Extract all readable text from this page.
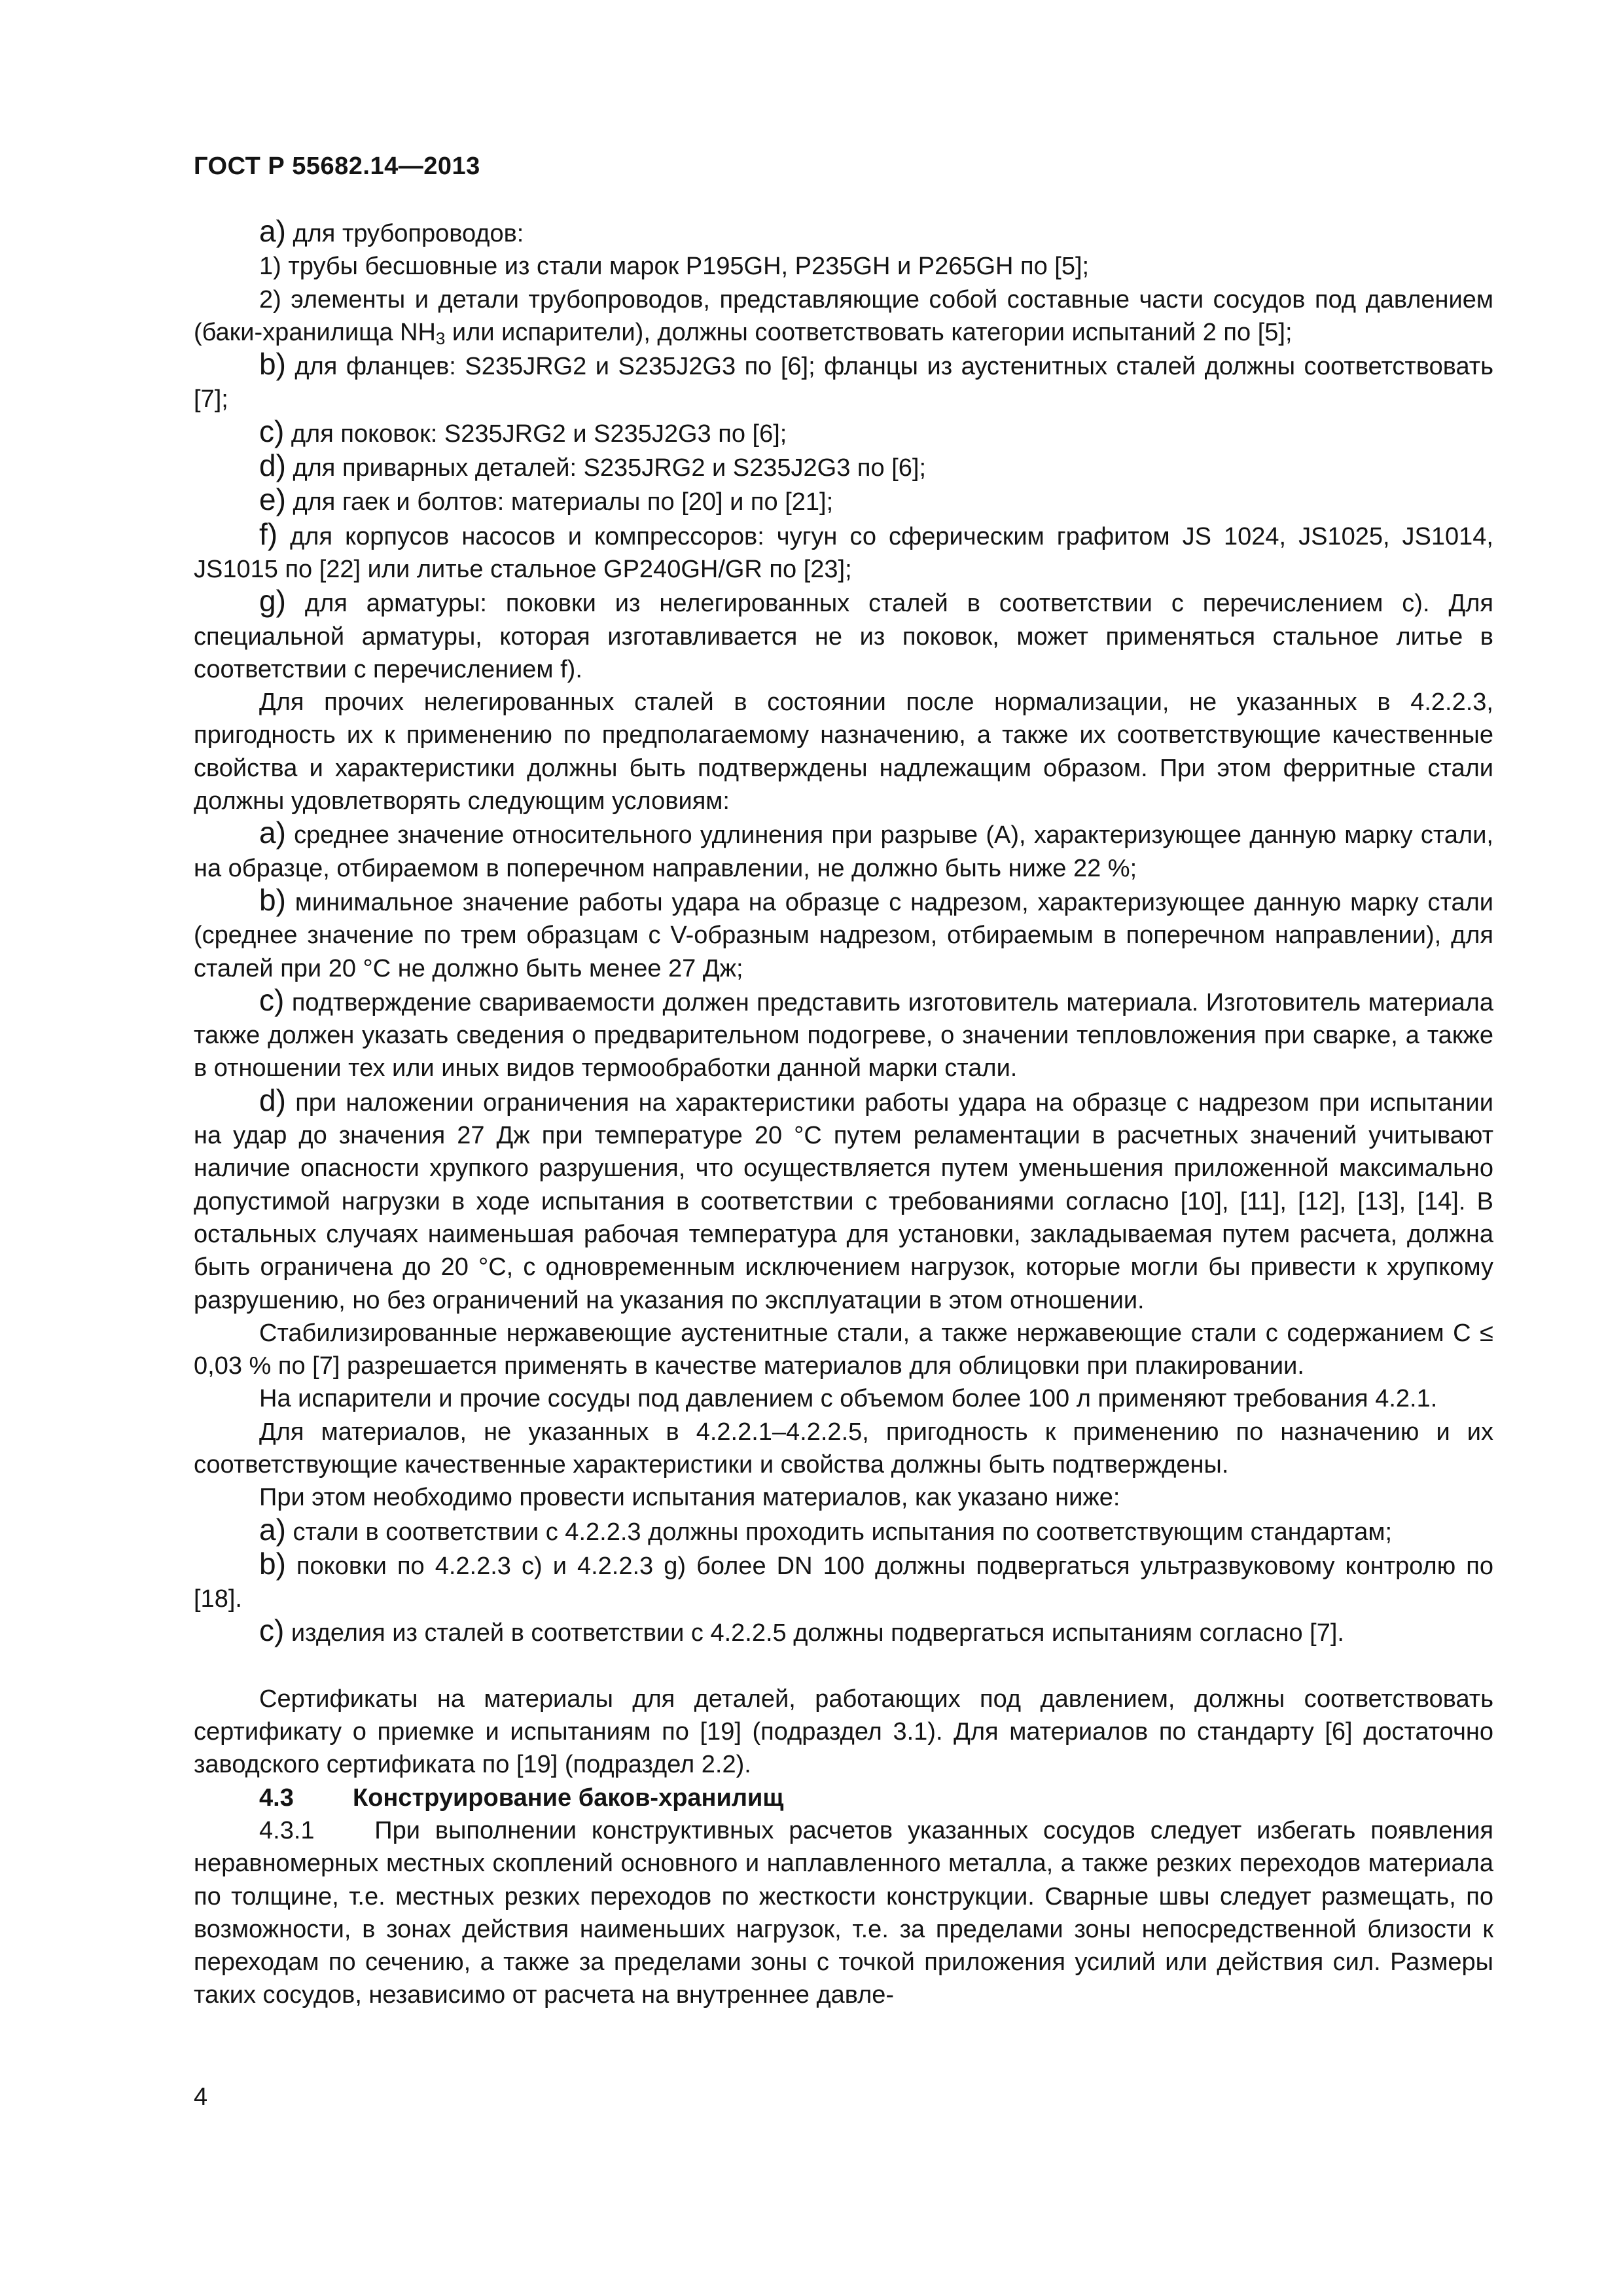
ГОСТ Р 55682.14—2013

a) для трубопроводов:

1) трубы бесшовные из стали марок P195GH, P235GH и P265GH по [5];

2) элементы и детали трубопроводов, представляющие собой составные части сосудов под давлением (баки-хранилища $NH_3$ или испарители), должны соответствовать категории испытаний 2 по [5];

b) для фланцев: S235JRG2 и S235J2G3 по [6]; фланцы из аустенитных сталей должны соответствовать [7];

c) для поковок: S235JRG2 и S235J2G3 по [6];

d) для приварных деталей: S235JRG2 и S235J2G3 по [6];

e) для гаек и болтов: материалы по [20] и по [21];

f) для корпусов насосов и компрессоров: чугун со сферическим графитом JS 1024, JS1025, JS1014, JS1015 по [22] или литье стальное GP240GH/GR по [23];

g) для арматуры: поковки из нелегированных сталей в соответствии с перечислением с). Для специальной арматуры, которая изготавливается не из поковок, может применяться стальное литье в соответствии с перечислением f).

Для прочих нелегированных сталей в состоянии после нормализации, не указанных в 4.2.2.3, пригодность их к применению по предполагаемому назначению, а также их соответствующие качественные свойства и характеристики должны быть подтверждены надлежащим образом. При этом ферритные стали должны удовлетворять следующим условиям:

a) среднее значение относительного удлинения при разрыве (A), характеризующее данную марку стали, на образце, отбираемом в поперечном направлении, не должно быть ниже 22 %;

b) минимальное значение работы удара на образце с надрезом, характеризующее данную марку стали (среднее значение по трем образцам с V-образным надрезом, отбираемым в поперечном направлении), для сталей при 20 °С не должно быть менее 27 Дж;

c) подтверждение свариваемости должен представить изготовитель материала. Изготовитель материала также должен указать сведения о предварительном подогреве, о значении тепловложения при сварке, а также в отношении тех или иных видов термообработки данной марки стали.

d) при наложении ограничения на характеристики работы удара на образце с надрезом при испытании на удар до значения 27 Дж при температуре 20 °С путем реламентации в расчетных значений учитывают наличие опасности хрупкого разрушения, что осуществляется путем уменьшения приложенной максимально допустимой нагрузки в ходе испытания в соответствии с требованиями согласно [10], [11], [12], [13], [14]. В остальных случаях наименьшая рабочая температура для установки, закладываемая путем расчета, должна быть ограничена до 20 °С, с одновременным исключением нагрузок, которые могли бы привести к хрупкому разрушению, но без ограничений на указания по эксплуатации в этом отношении.

Стабилизированные нержавеющие аустенитные стали, а также нержавеющие стали с содержанием С ≤ 0,03 % по [7] разрешается применять в качестве материалов для облицовки при плакировании.

На испарители и прочие сосуды под давлением с объемом более 100 л применяют требования 4.2.1.

Для материалов, не указанных в 4.2.2.1–4.2.2.5, пригодность к применению по назначению и их соответствующие качественные характеристики и свойства должны быть подтверждены.

При этом необходимо провести испытания материалов, как указано ниже:

a) стали в соответствии с 4.2.2.3 должны проходить испытания по соответствующим стандартам;

b) поковки по 4.2.2.3 с) и 4.2.2.3 g) более DN 100 должны подвергаться ультразвуковому контролю по [18].

c) изделия из сталей в соответствии с 4.2.2.5 должны подвергаться испытаниям согласно [7].

Сертификаты на материалы для деталей, работающих под давлением, должны соответствовать сертификату о приемке и испытаниям по [19] (подраздел 3.1). Для материалов по стандарту [6] достаточно заводского сертификата по [19] (подраздел 2.2).

4.3 Конструирование баков-хранилищ

4.3.1 При выполнении конструктивных расчетов указанных сосудов следует избегать появления неравномерных местных скоплений основного и наплавленного металла, а также резких переходов материала по толщине, т.е. местных резких переходов по жесткости конструкции. Сварные швы следует размещать, по возможности, в зонах действия наименьших нагрузок, т.е. за пределами зоны непосредственной близости к переходам по сечению, а также за пределами зоны с точкой приложения усилий или действия сил. Размеры таких сосудов, независимо от расчета на внутреннее давле-

4
